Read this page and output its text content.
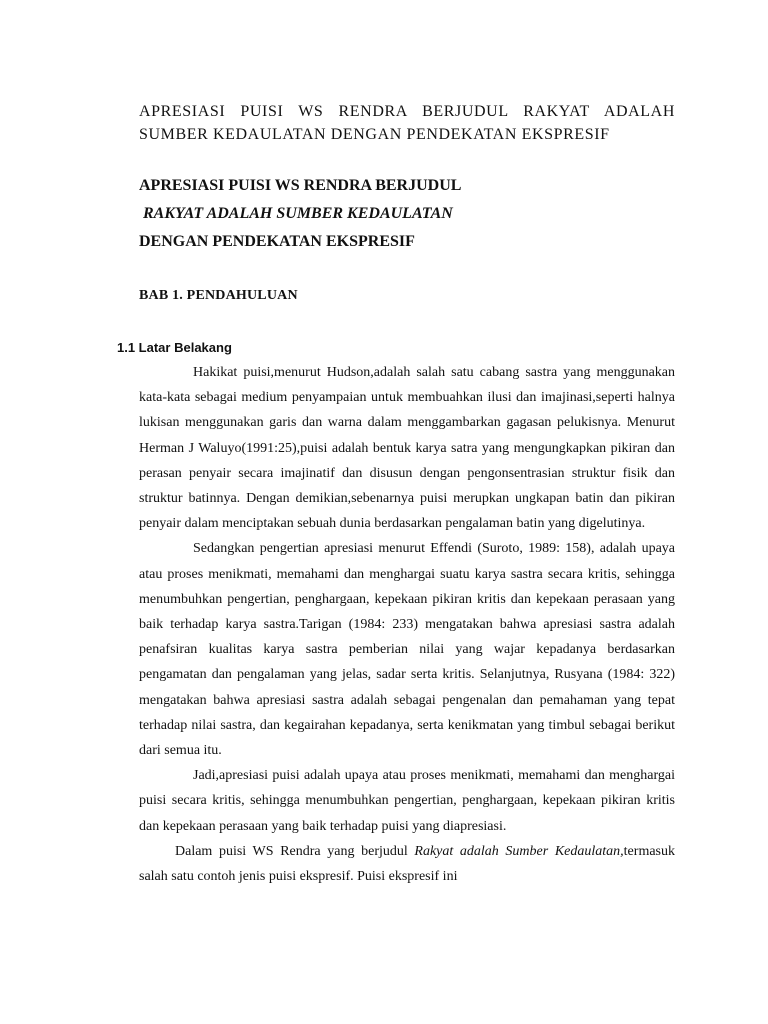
APRESIASI PUISI WS RENDRA BERJUDUL RAKYAT ADALAH SUMBER KEDAULATAN DENGAN PENDEKATAN EKSPRESIF

APRESIASI PUISI WS RENDRA BERJUDUL
RAKYAT ADALAH SUMBER KEDAULATAN
DENGAN PENDEKATAN EKSPRESIF

BAB 1. PENDAHULUAN

1.1 Latar Belakang

Hakikat puisi,menurut Hudson,adalah salah satu cabang sastra yang menggunakan kata-kata sebagai medium penyampaian untuk membuahkan ilusi dan imajinasi,seperti halnya lukisan menggunakan garis dan warna dalam menggambarkan gagasan pelukisnya. Menurut Herman J Waluyo(1991:25),puisi adalah bentuk karya satra yang mengungkapkan pikiran dan perasan penyair secara imajinatif dan disusun dengan pengonsentrasian struktur fisik dan struktur batinnya. Dengan demikian,sebenarnya puisi merupkan ungkapan batin dan pikiran penyair dalam menciptakan sebuah dunia berdasarkan pengalaman batin yang digelutinya.

Sedangkan pengertian apresiasi menurut Effendi (Suroto, 1989: 158), adalah upaya atau proses menikmati, memahami dan menghargai suatu karya sastra secara kritis, sehingga menumbuhkan pengertian, penghargaan, kepekaan pikiran kritis dan kepekaan perasaan yang baik terhadap karya sastra.Tarigan (1984: 233) mengatakan bahwa apresiasi sastra adalah penafsiran kualitas karya sastra pemberian nilai yang wajar kepadanya berdasarkan pengamatan dan pengalaman yang jelas, sadar serta kritis. Selanjutnya, Rusyana (1984: 322) mengatakan bahwa apresiasi sastra adalah sebagai pengenalan dan pemahaman yang tepat terhadap nilai sastra, dan kegairahan kepadanya, serta kenikmatan yang timbul sebagai berikut dari semua itu.

Jadi,apresiasi puisi adalah upaya atau proses menikmati, memahami dan menghargai puisi secara kritis, sehingga menumbuhkan pengertian, penghargaan, kepekaan pikiran kritis dan kepekaan perasaan yang baik terhadap puisi yang diapresiasi.

Dalam puisi WS Rendra yang berjudul Rakyat adalah Sumber Kedaulatan,termasuk salah satu contoh jenis puisi ekspresif. Puisi ekspresif ini
